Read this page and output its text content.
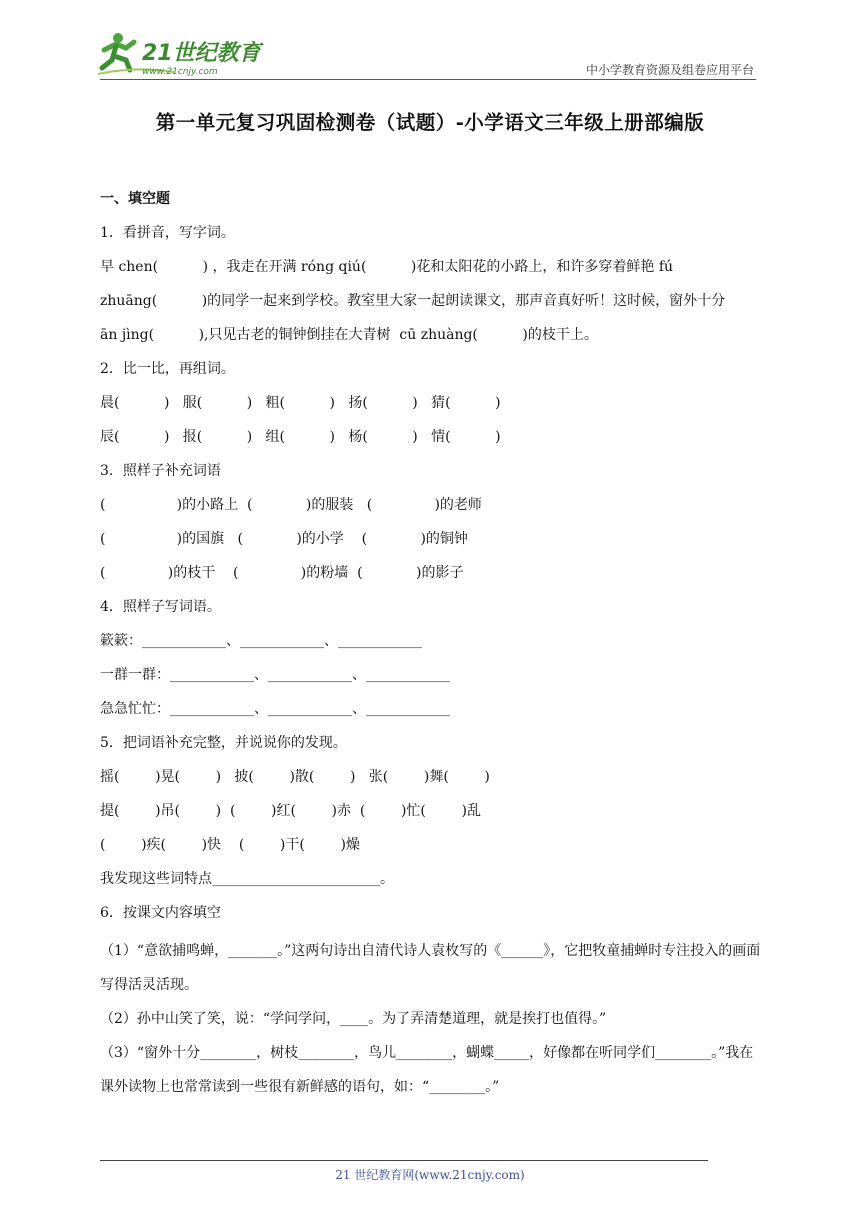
21世纪教育
www.21cnjy.com	中小学教育资源及组卷应用平台
第一单元复习巩固检测卷（试题）-小学语文三年级上册部编版
一、填空题
1．看拼音，写字词。
早 chen(          ) ，我走在开满 róng qiú(          )花和太阳花的小路上，和许多穿着鲜艳 fú
zhuāng(          )的同学一起来到学校。教室里大家一起朗读课文，那声音真好听！这时候，窗外十分
ān jìng(          ),只见古老的铜钟倒挂在大青树  cū zhuàng(          )的枝干上。
2．比一比，再组词。
晨(          )   服(          )   粗(          )   扬(          )   猜(          )
辰(          )   报(          )   组(          )   杨(          )   情(          )
3．照样子补充词语
(                )的小路上  (            )的服装   (              )的老师
(                )的国旗   (            )的小学    (            )的铜钟
(              )的枝干    (              )的粉墙  (            )的影子
4．照样子写词语。
簌簌：____________、____________、____________
一群一群：____________、____________、____________
急急忙忙：____________、____________、____________
5．把词语补充完整，并说说你的发现。
摇(        )晃(        )   披(        )散(        )   张(        )舞(        )
提(        )吊(        )  (        )红(        )赤  (        )忙(        )乱
(        )疾(        )快    (        )干(        )燥
我发现这些词特点________________________。
6．按课文内容填空
（1）“意欲捕鸣蝉，_______。”这两句诗出自清代诗人袁枚写的《______》，它把牧童捕蝉时专注投入的画面写得活灵活现。
（2）孙中山笑了笑，说：“学问学问，____。为了弄清楚道理，就是挨打也值得。”
（3）“窗外十分________，树枝________，鸟儿________，蝴蝶_____，好像都在听同学们________。”我在课外读物上也常常读到一些很有新鲜感的语句，如：“________。”
21 世纪教育网(www.21cnjy.com)
